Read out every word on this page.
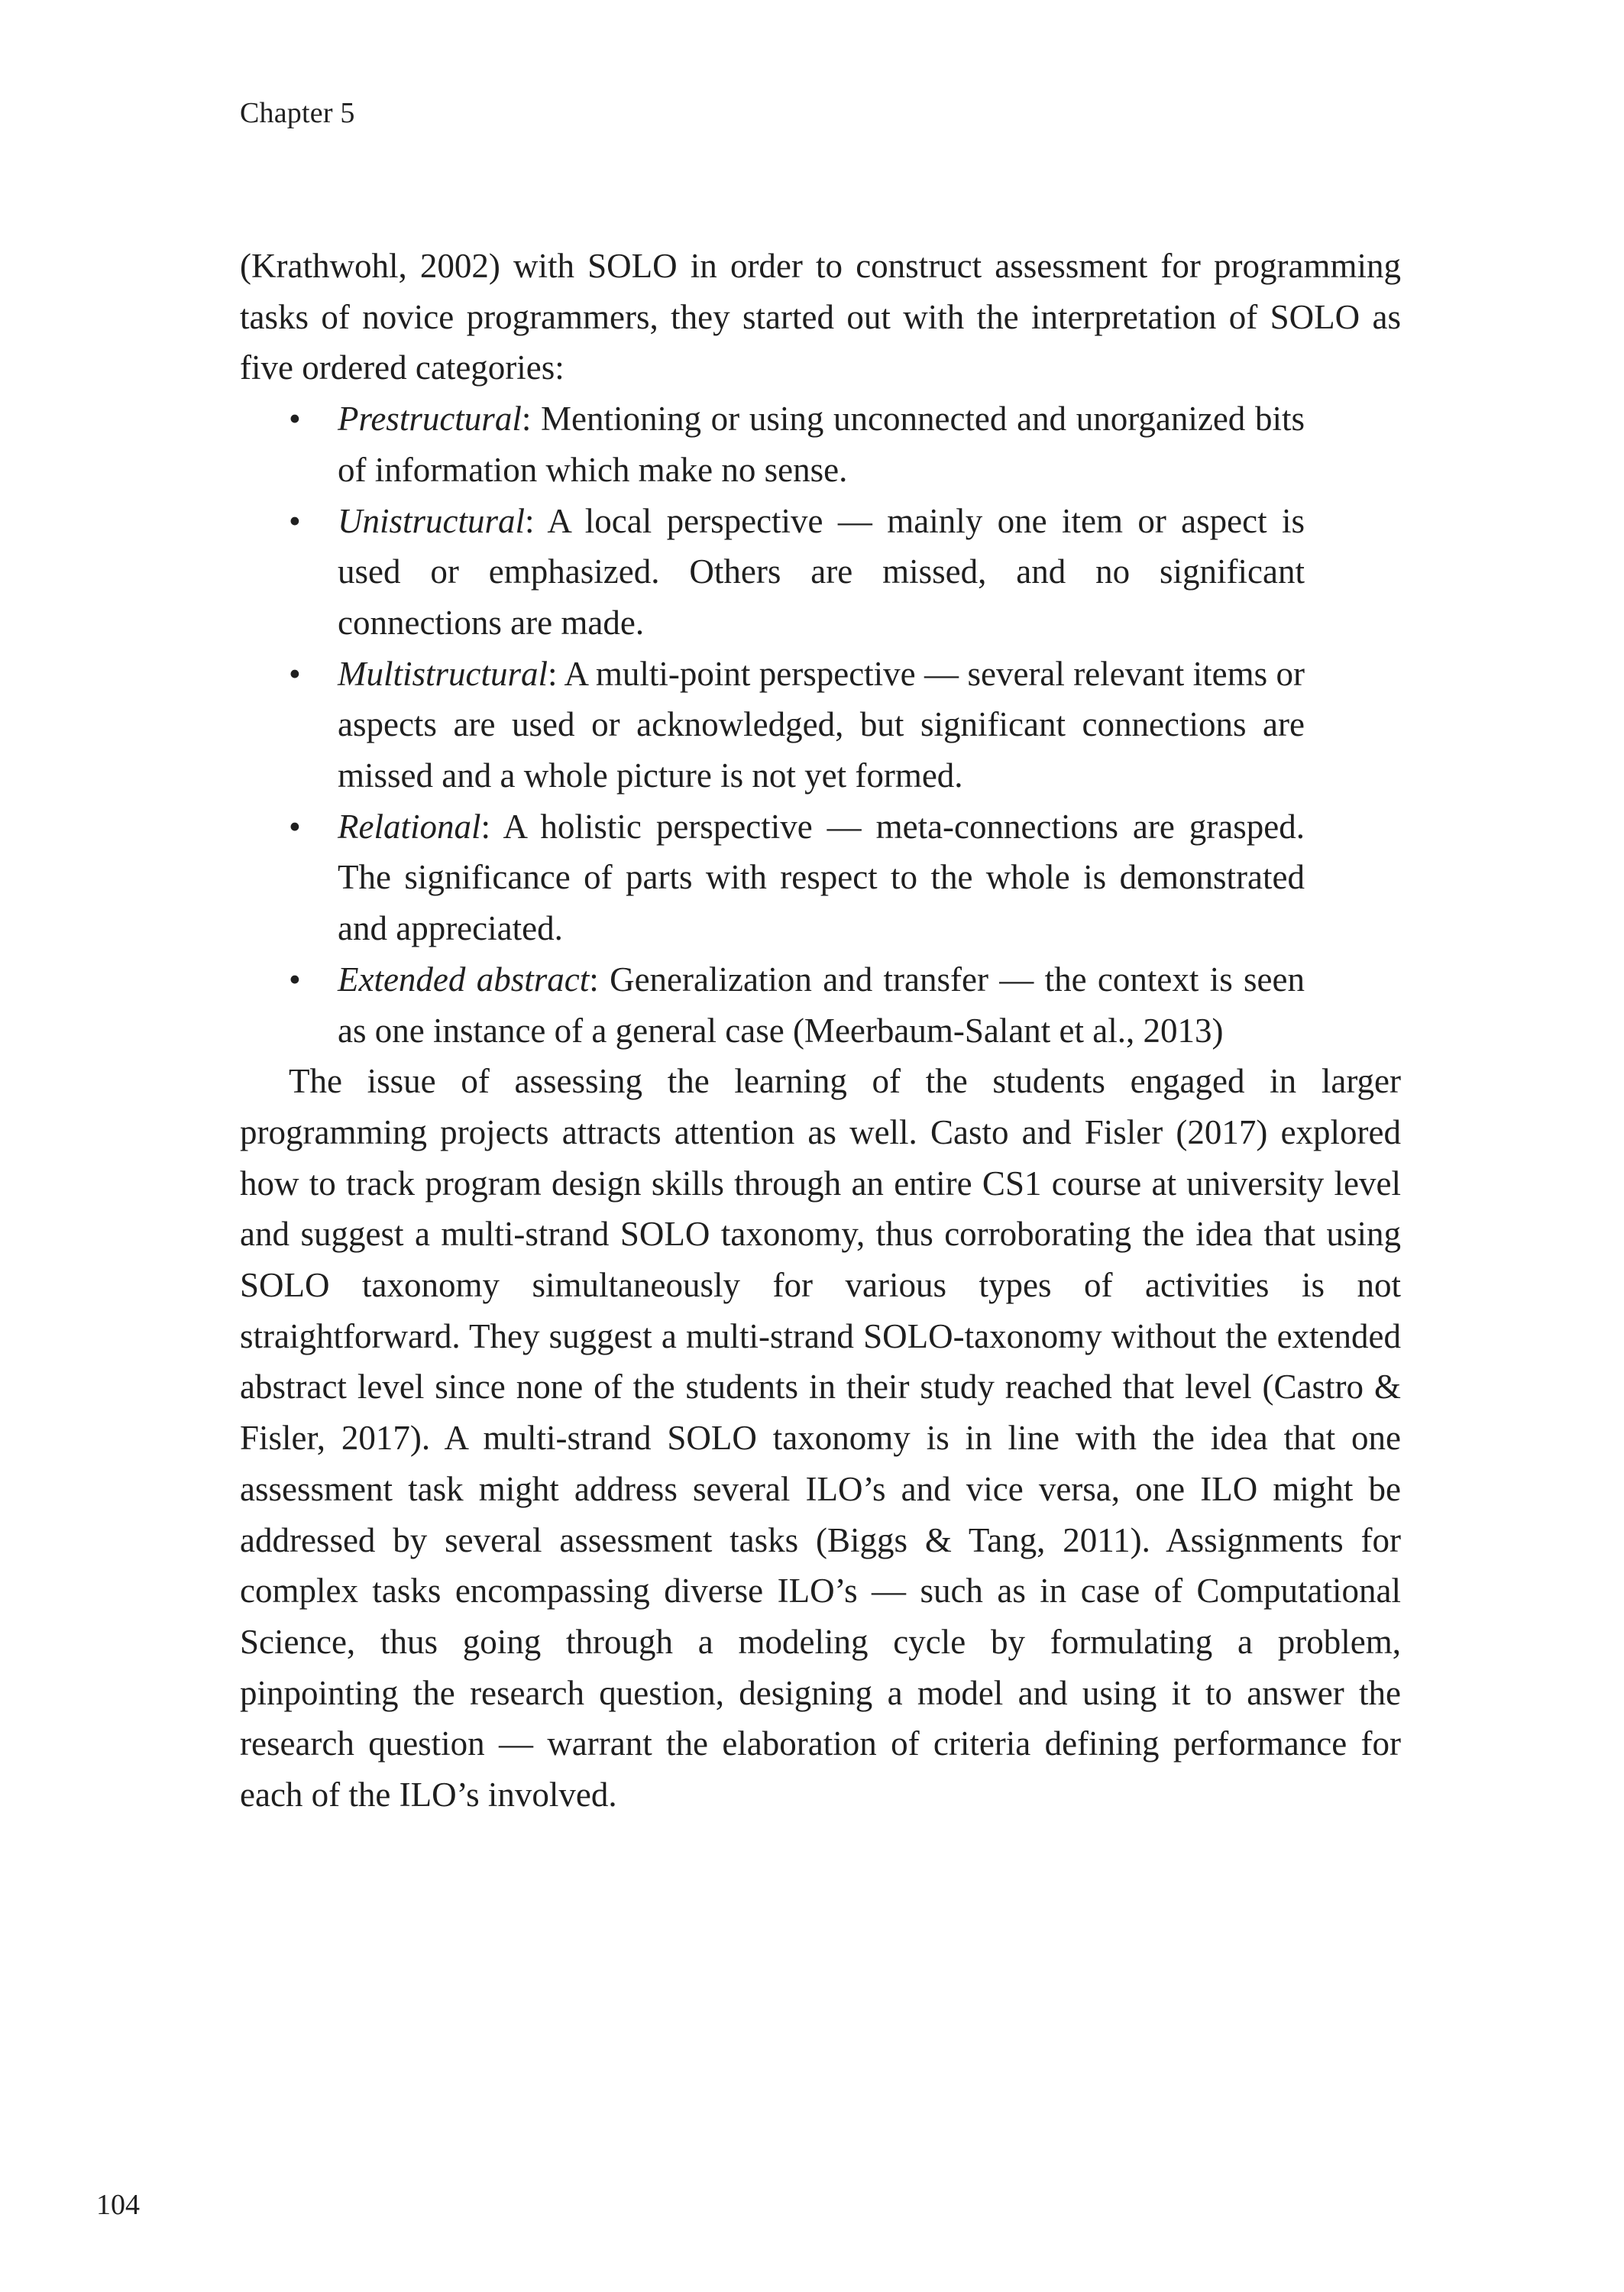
Chapter 5

(Krathwohl, 2002) with SOLO in order to construct assessment for programming tasks of novice programmers, they started out with the interpretation of SOLO as five ordered categories:

• Prestructural: Mentioning or using unconnected and unorganized bits of information which make no sense.
• Unistructural: A local perspective — mainly one item or aspect is used or emphasized. Others are missed, and no significant connections are made.
• Multistructural: A multi-point perspective — several relevant items or aspects are used or acknowledged, but significant connections are missed and a whole picture is not yet formed.
• Relational: A holistic perspective — meta-connections are grasped. The significance of parts with respect to the whole is demonstrated and appreciated.
• Extended abstract: Generalization and transfer — the context is seen as one instance of a general case (Meerbaum-Salant et al., 2013)

The issue of assessing the learning of the students engaged in larger programming projects attracts attention as well. Casto and Fisler (2017) explored how to track program design skills through an entire CS1 course at university level and suggest a multi-strand SOLO taxonomy, thus corroborating the idea that using SOLO taxonomy simultaneously for various types of activities is not straightforward. They suggest a multi-strand SOLO-taxonomy without the extended abstract level since none of the students in their study reached that level (Castro & Fisler, 2017). A multi-strand SOLO taxonomy is in line with the idea that one assessment task might address several ILO’s and vice versa, one ILO might be addressed by several assessment tasks (Biggs & Tang, 2011). Assignments for complex tasks encompassing diverse ILO’s — such as in case of Computational Science, thus going through a modeling cycle by formulating a problem, pinpointing the research question, designing a model and using it to answer the research question — warrant the elaboration of criteria defining performance for each of the ILO’s involved.

104
